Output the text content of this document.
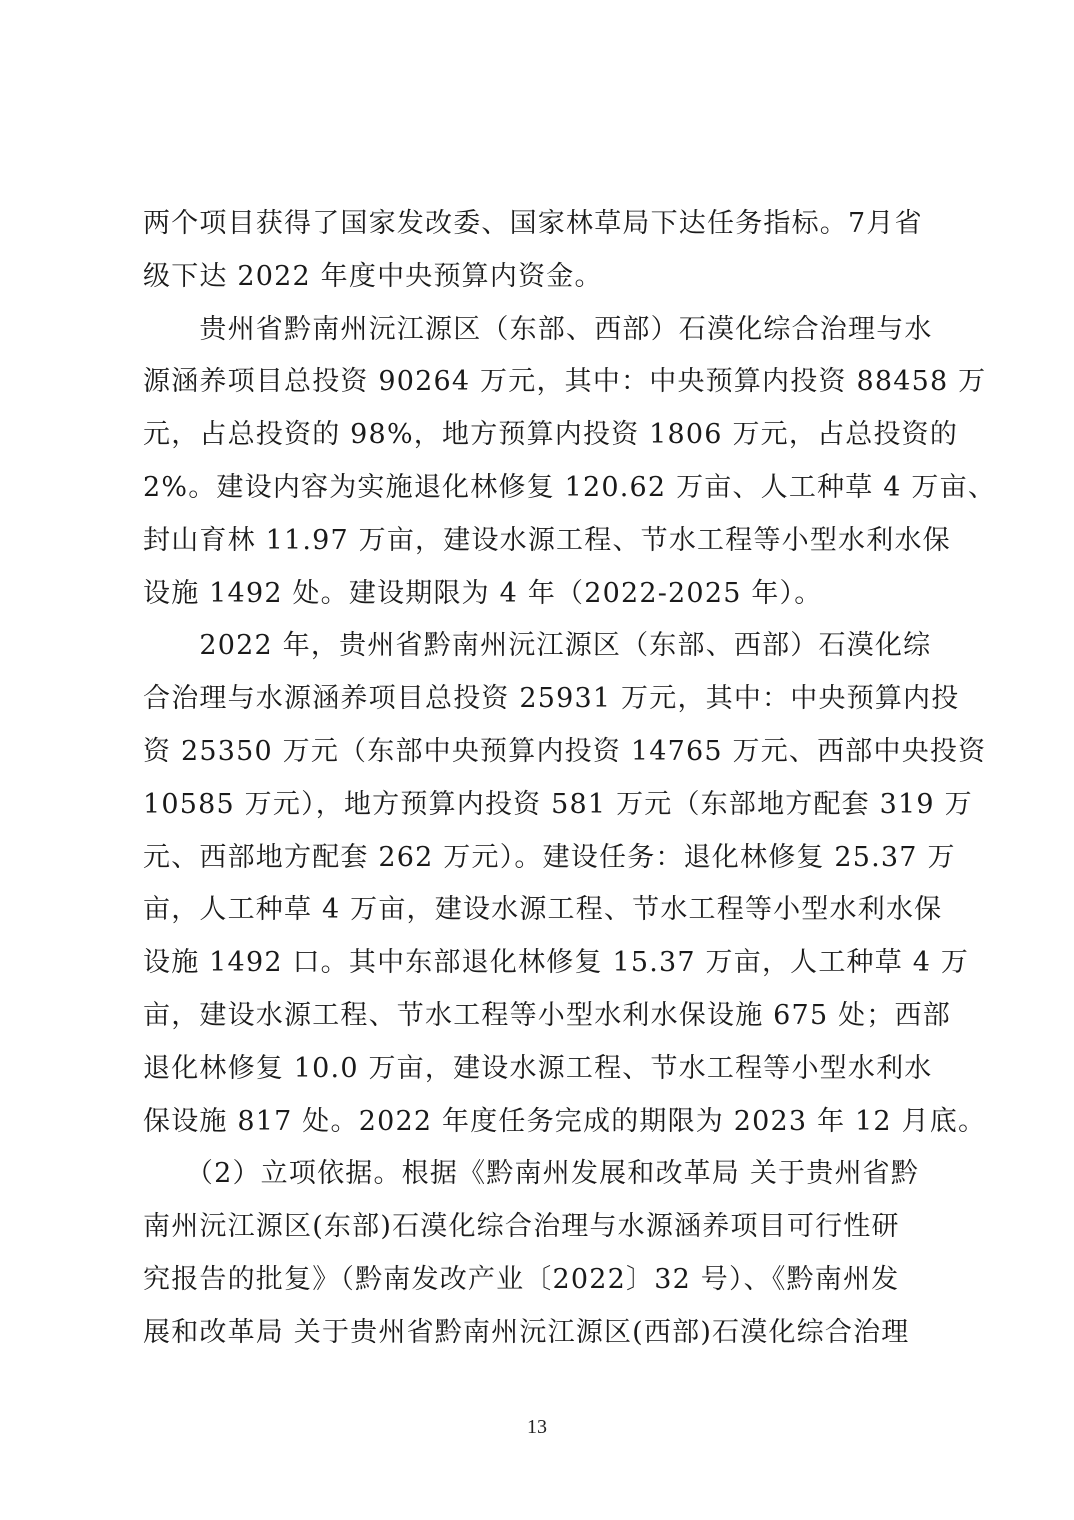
两个项目获得了国家发改委、国家林草局下达任务指标。7月省
级下达 2022 年度中央预算内资金。
　　贵州省黔南州沅江源区（东部、西部）石漠化综合治理与水
源涵养项目总投资 90264 万元，其中：中央预算内投资 88458 万
元，占总投资的 98%，地方预算内投资 1806 万元，占总投资的
2%。建设内容为实施退化林修复 120.62 万亩、人工种草 4 万亩、
封山育林 11.97 万亩，建设水源工程、节水工程等小型水利水保
设施 1492 处。建设期限为 4 年（2022-2025 年）。
　　2022 年，贵州省黔南州沅江源区（东部、西部）石漠化综
合治理与水源涵养项目总投资 25931 万元，其中：中央预算内投
资 25350 万元（东部中央预算内投资 14765 万元、西部中央投资
10585 万元），地方预算内投资 581 万元（东部地方配套 319 万
元、西部地方配套 262 万元）。建设任务：退化林修复 25.37 万
亩，人工种草 4 万亩，建设水源工程、节水工程等小型水利水保
设施 1492 口。其中东部退化林修复 15.37 万亩，人工种草 4 万
亩，建设水源工程、节水工程等小型水利水保设施 675 处；西部
退化林修复 10.0 万亩，建设水源工程、节水工程等小型水利水
保设施 817 处。2022 年度任务完成的期限为 2023 年 12 月底。
　　（2）立项依据。根据《黔南州发展和改革局 关于贵州省黔
南州沅江源区(东部)石漠化综合治理与水源涵养项目可行性研
究报告的批复》（黔南发改产业〔2022〕32 号）、《黔南州发
展和改革局 关于贵州省黔南州沅江源区(西部)石漠化综合治理
13
